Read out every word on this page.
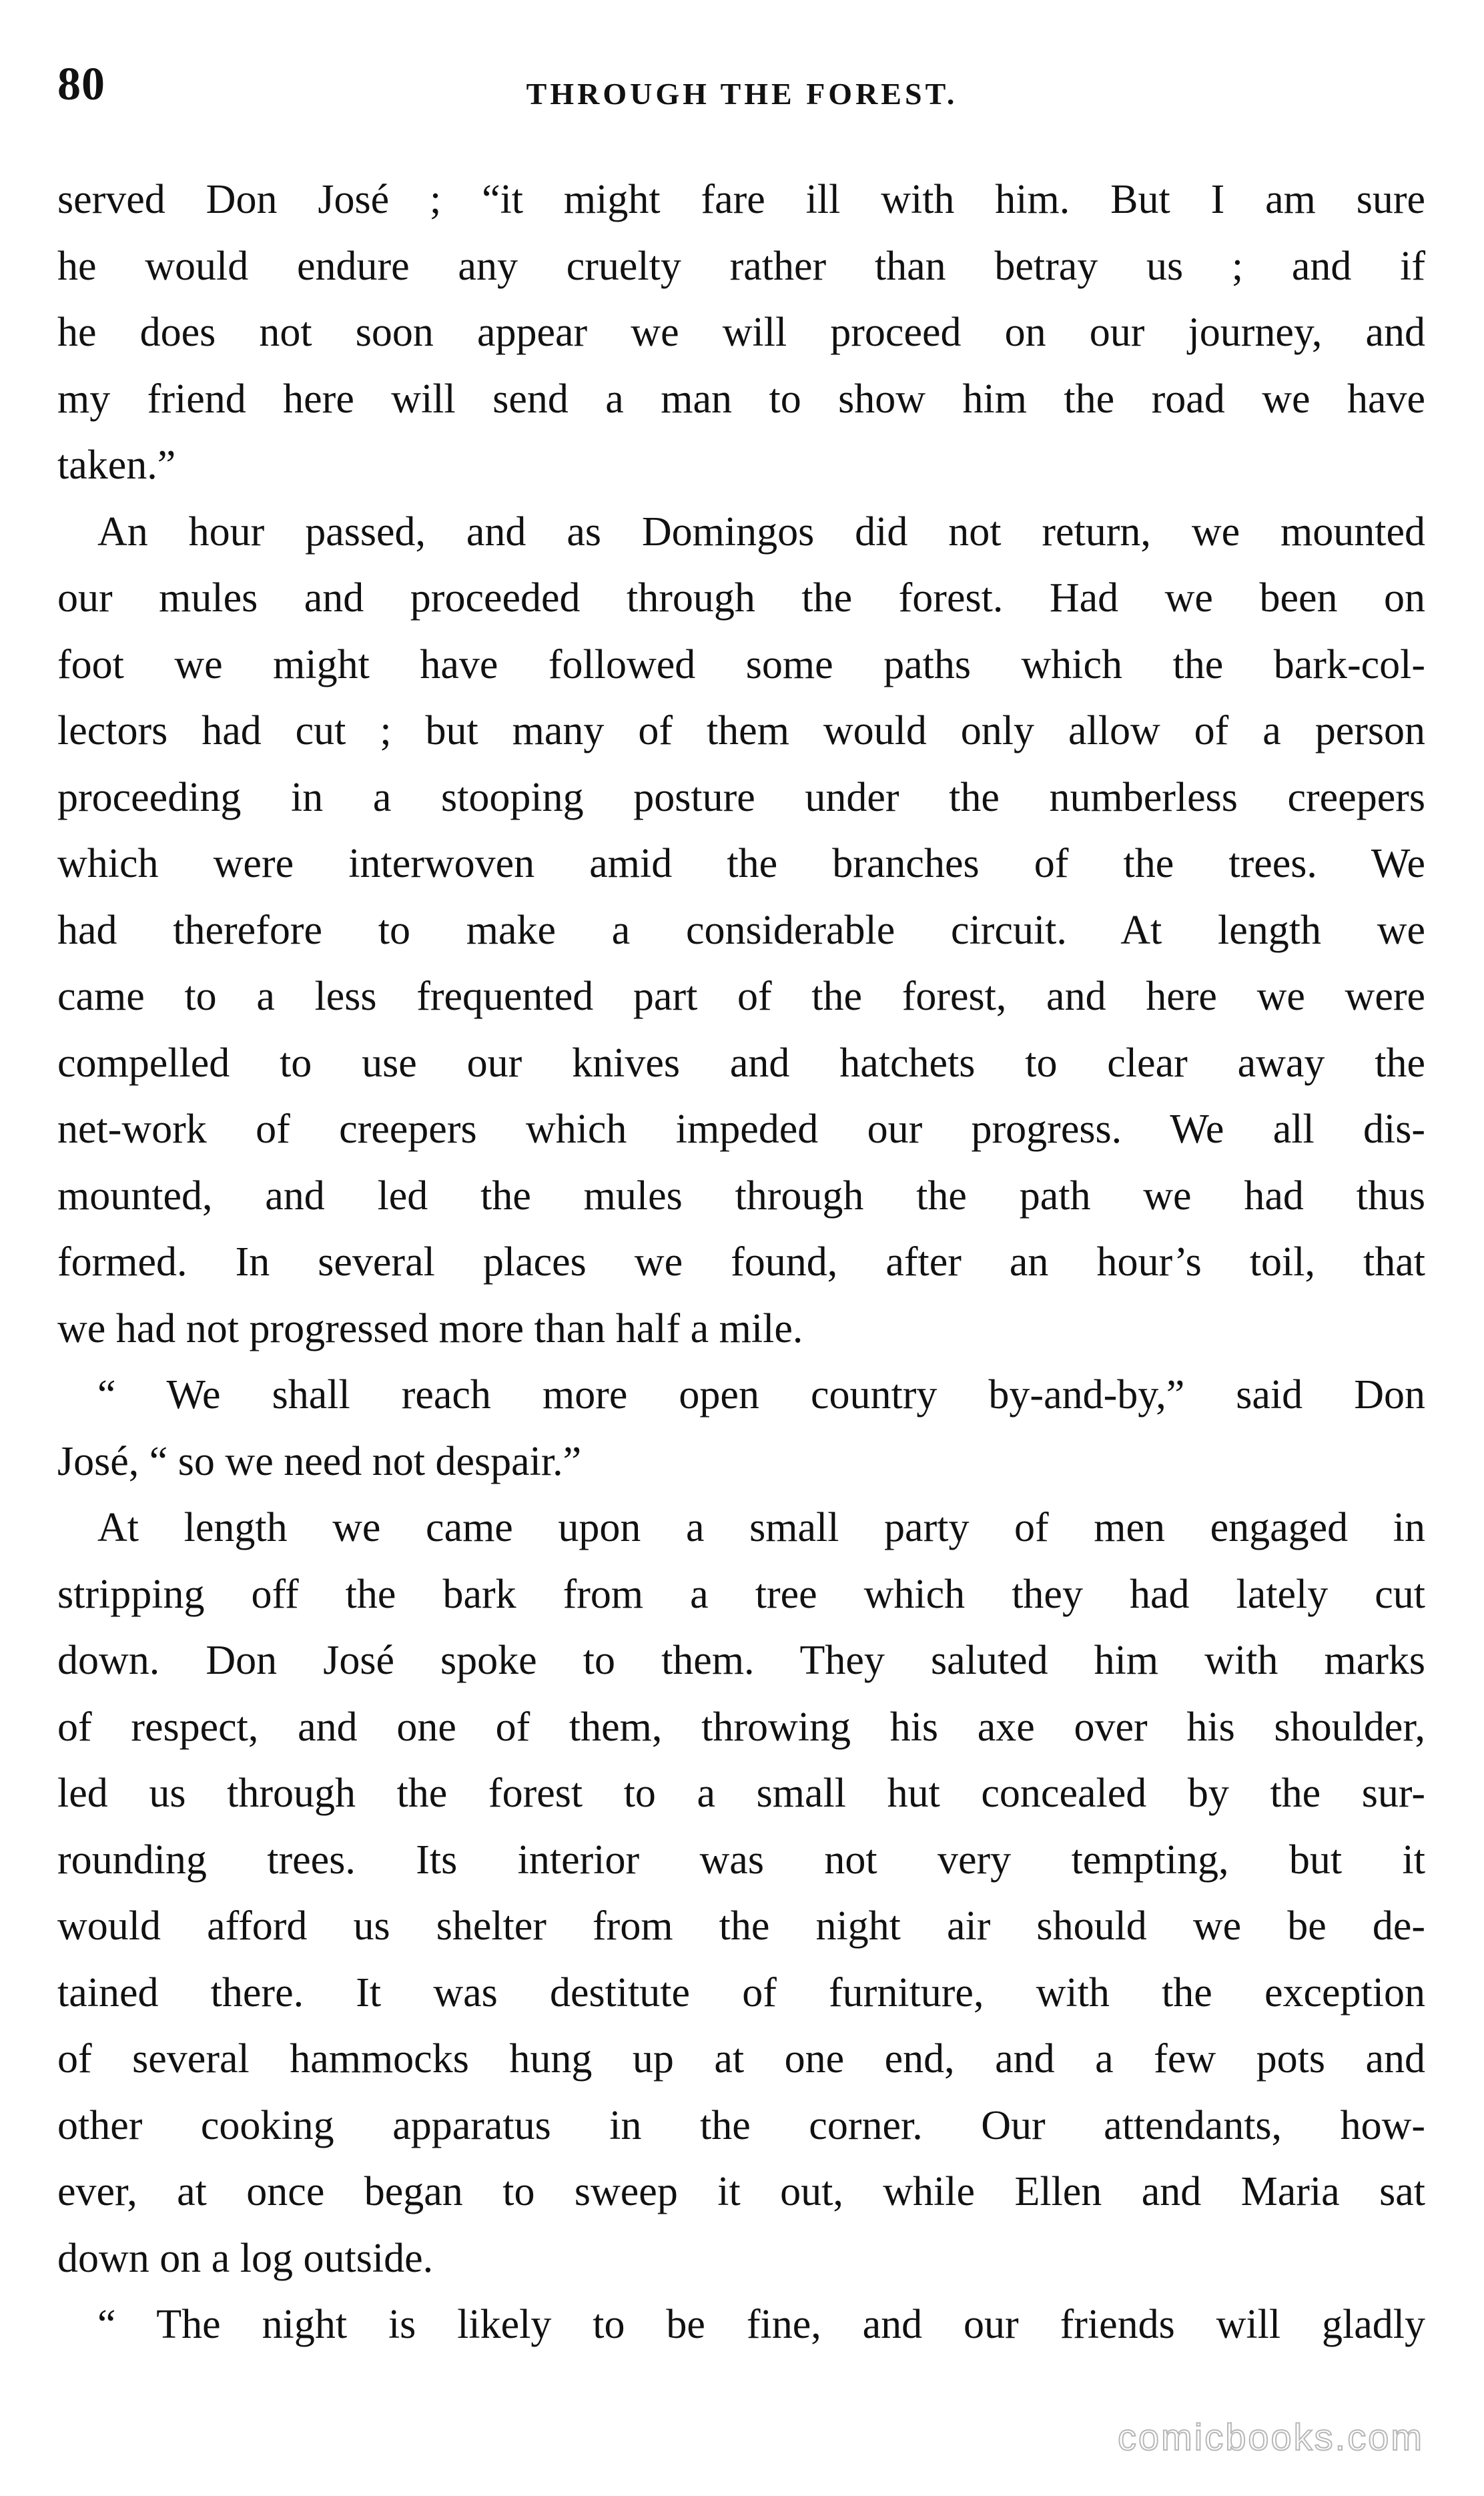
80	THROUGH THE FOREST.
served Don José ; “it might fare ill with him. But I am sure
he would endure any cruelty rather than betray us ; and if
he does not soon appear we will proceed on our journey, and
my friend here will send a man to show him the road we have
taken.”
An hour passed, and as Domingos did not return, we mounted
our mules and proceeded through the forest. Had we been on
foot we might have followed some paths which the bark-col-
lectors had cut ; but many of them would only allow of a person
proceeding in a stooping posture under the numberless creepers
which were interwoven amid the branches of the trees. We
had therefore to make a considerable circuit. At length we
came to a less frequented part of the forest, and here we were
compelled to use our knives and hatchets to clear away the
net-work of creepers which impeded our progress. We all dis-
mounted, and led the mules through the path we had thus
formed. In several places we found, after an hour’s toil, that
we had not progressed more than half a mile.
“ We shall reach more open country by-and-by,” said Don
José, “ so we need not despair.”
At length we came upon a small party of men engaged in
stripping off the bark from a tree which they had lately cut
down. Don José spoke to them. They saluted him with marks
of respect, and one of them, throwing his axe over his shoulder,
led us through the forest to a small hut concealed by the sur-
rounding trees. Its interior was not very tempting, but it
would afford us shelter from the night air should we be de-
tained there. It was destitute of furniture, with the exception
of several hammocks hung up at one end, and a few pots and
other cooking apparatus in the corner. Our attendants, how-
ever, at once began to sweep it out, while Ellen and Maria sat
down on a log outside.
“ The night is likely to be fine, and our friends will gladly
comicbooks.com
